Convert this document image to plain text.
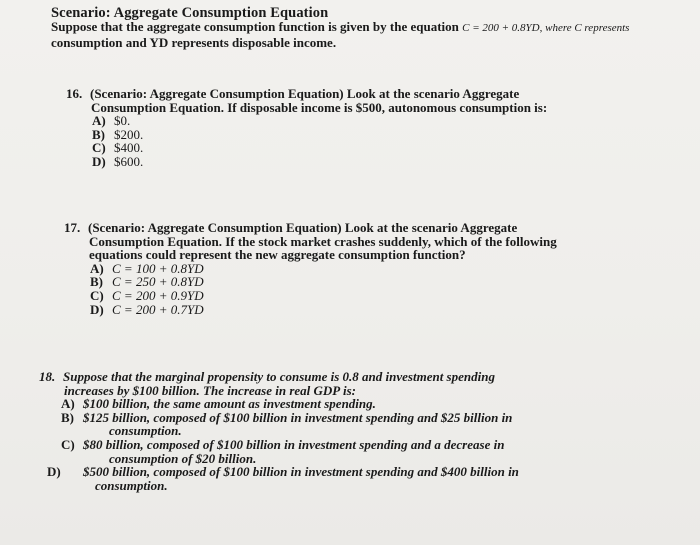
Scenario: Aggregate Consumption Equation
Suppose that the aggregate consumption function is given by the equation C = 200 + 0.8YD, where C represents
consumption and YD represents disposable income.
16. (Scenario: Aggregate Consumption Equation) Look at the scenario Aggregate
Consumption Equation. If disposable income is $500, autonomous consumption is:
A) $0.
B) $200.
C) $400.
D) $600.
17. (Scenario: Aggregate Consumption Equation) Look at the scenario Aggregate
Consumption Equation. If the stock market crashes suddenly, which of the following
equations could represent the new aggregate consumption function?
A) C = 100 + 0.8YD
B) C = 250 + 0.8YD
C) C = 200 + 0.9YD
D) C = 200 + 0.7YD
18. Suppose that the marginal propensity to consume is 0.8 and investment spending
increases by $100 billion. The increase in real GDP is:
A) $100 billion, the same amount as investment spending.
B) $125 billion, composed of $100 billion in investment spending and $25 billion in
consumption.
C) $80 billion, composed of $100 billion in investment spending and a decrease in
consumption of $20 billion.
D) $500 billion, composed of $100 billion in investment spending and $400 billion in
consumption.
